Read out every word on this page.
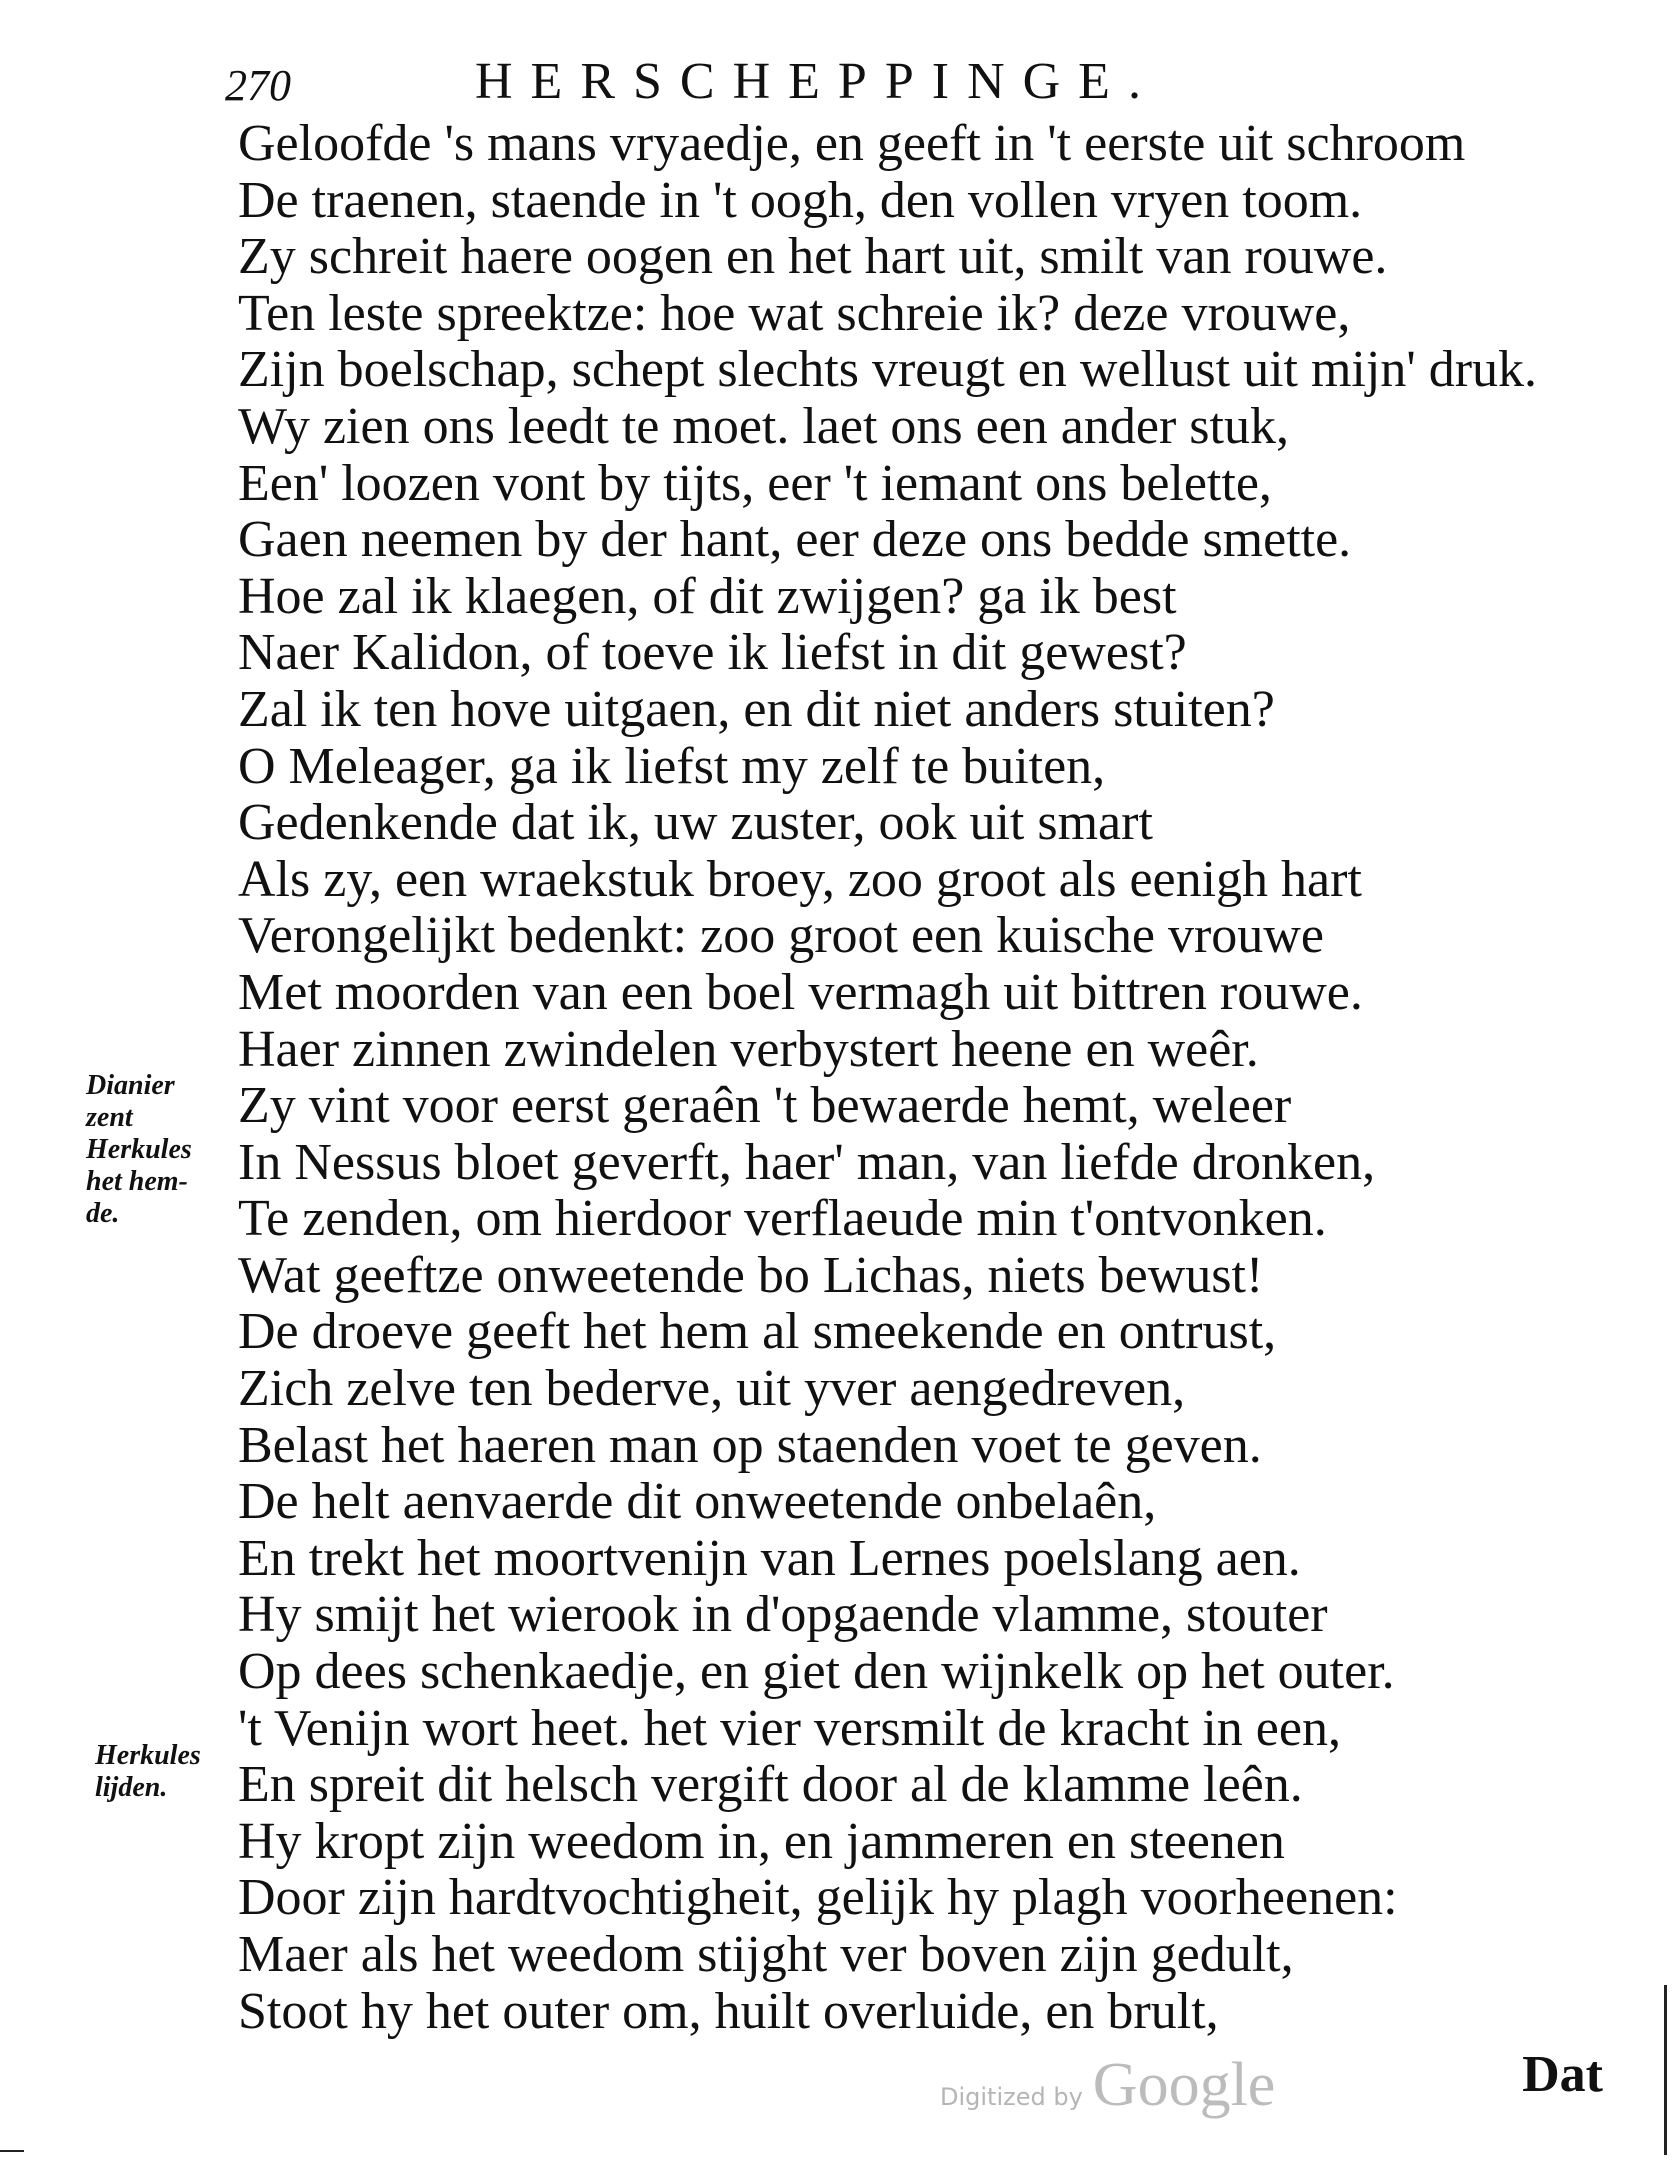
270	HERSCHEPPINGE.
Geloofde 's mans vryaedje, en geeft in 't eerste uit schroom
De traenen, staende in 't oogh, den vollen vryen toom.
Zy schreit haere oogen en het hart uit, smilt van rouwe.
Ten leste spreektze: hoe wat schreie ik? deze vrouwe,
Zijn boelschap, schept slechts vreugt en wellust uit mijn' druk.
Wy zien ons leedt te moet. laet ons een ander stuk,
Een' loozen vont by tijts, eer 't iemant ons belette,
Gaen neemen by der hant, eer deze ons bedde smette.
Hoe zal ik klaegen, of dit zwijgen? ga ik best
Naer Kalidon, of toeve ik liefst in dit gewest?
Zal ik ten hove uitgaen, en dit niet anders stuiten?
O Meleager, ga ik liefst my zelf te buiten,
Gedenkende dat ik, uw zuster, ook uit smart
Als zy, een wraekstuk broey, zoo groot als eenigh hart
Verongelijkt bedenkt: zoo groot een kuische vrouwe
Met moorden van een boel vermagh uit bittren rouwe.
Haer zinnen zwindelen verbystert heene en weêr.
Zy vint voor eerst geraên 't bewaerde hemt, weleer
In Nessus bloet geverft, haer' man, van liefde dronken,
Te zenden, om hierdoor verflaeude min t'ontvonken.
Wat geeftze onweetende bo Lichas, niets bewust!
De droeve geeft het hem al smeekende en ontrust,
Zich zelve ten bederve, uit yver aengedreven,
Belast het haeren man op staenden voet te geven.
De helt aenvaerde dit onweetende onbelaên,
En trekt het moortvenijn van Lernes poelslang aen.
Hy smijt het wierook in d'opgaende vlamme, stouter
Op dees schenkaedje, en giet den wijnkelk op het outer.
't Venijn wort heet. het vier versmilt de kracht in een,
En spreit dit helsch vergift door al de klamme leên.
Hy kropt zijn weedom in, en jammeren en steenen
Door zijn hardtvochtigheit, gelijk hy plagh voorheenen:
Maer als het weedom stijght ver boven zijn gedult,
Stoot hy het outer om, huilt overluide, en brult,
Dianier
zent
Herkules
het hem-
de.
Herkules
lijden.
Dat
Digitized by Google
